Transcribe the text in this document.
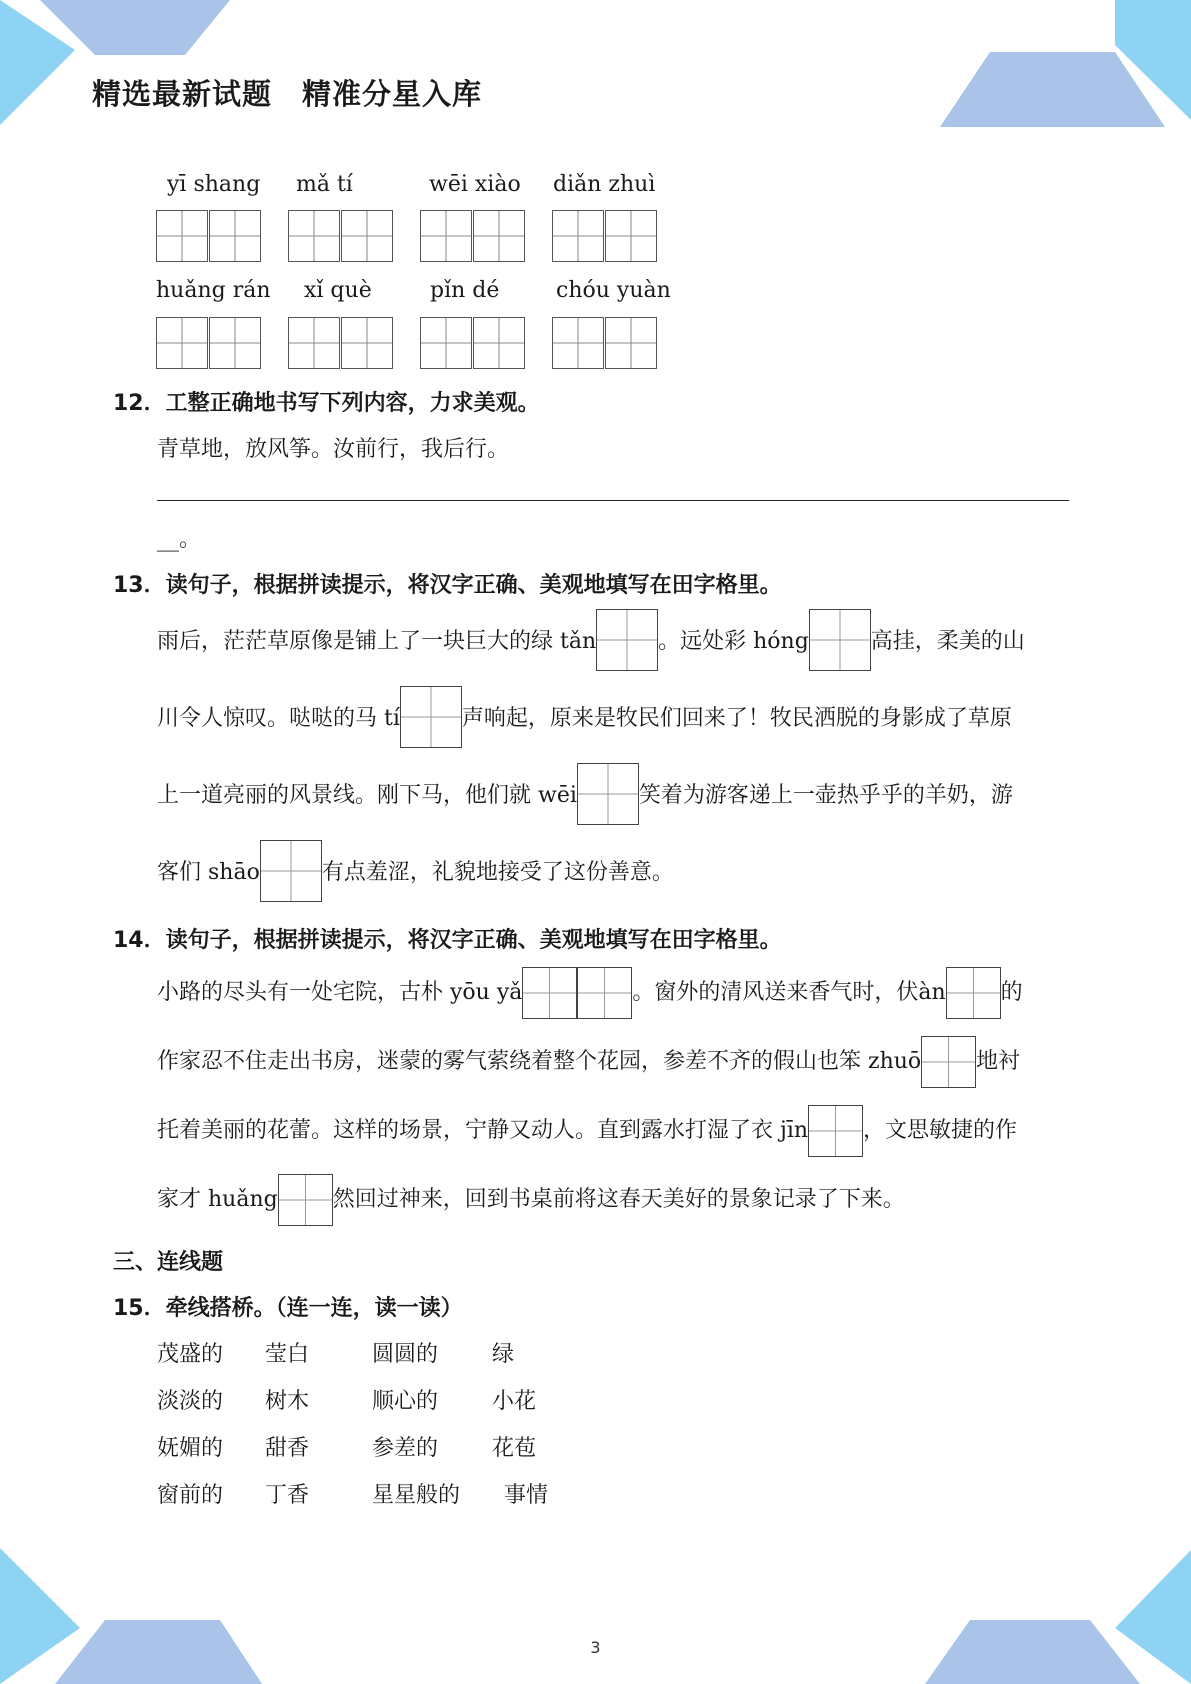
精选最新试题　精准分星入库
yī shang mǎ tí	wēi xiào diǎn zhuì
huǎng rán xǐ què	pǐn dé	chóu yuàn
12．工整正确地书写下列内容，力求美观。
青草地，放风筝。汝前行，我后行。
__。
13．读句子，根据拼读提示，将汉字正确、美观地填写在田字格里。
雨后，茫茫草原像是铺上了一块巨大的绿 tǎn	。远处彩 hóng	高挂，柔美的山
川令人惊叹。哒哒的马 tí	声响起，原来是牧民们回来了！牧民洒脱的身影成了草原
上一道亮丽的风景线。刚下马，他们就 wēi	笑着为游客递上一壶热乎乎的羊奶，游
客们 shāo	有点羞涩，礼貌地接受了这份善意。
14．读句子，根据拼读提示，将汉字正确、美观地填写在田字格里。
小路的尽头有一处宅院，古朴 yōu yǎ	。窗外的清风送来香气时，伏àn	的
作家忍不住走出书房，迷蒙的雾气萦绕着整个花园，参差不齐的假山也笨 zhuō	地衬
托着美丽的花蕾。这样的场景，宁静又动人。直到露水打湿了衣 jīn	，文思敏捷的作
家才 huǎng	然回过神来，回到书桌前将这春天美好的景象记录了下来。
三、连线题
15．牵线搭桥。（连一连，读一读）
茂盛的 莹白	圆圆的 绿
淡淡的 树木	顺心的 小花
妩媚的 甜香	参差的 花苞
窗前的 丁香	星星般的 事情
3
